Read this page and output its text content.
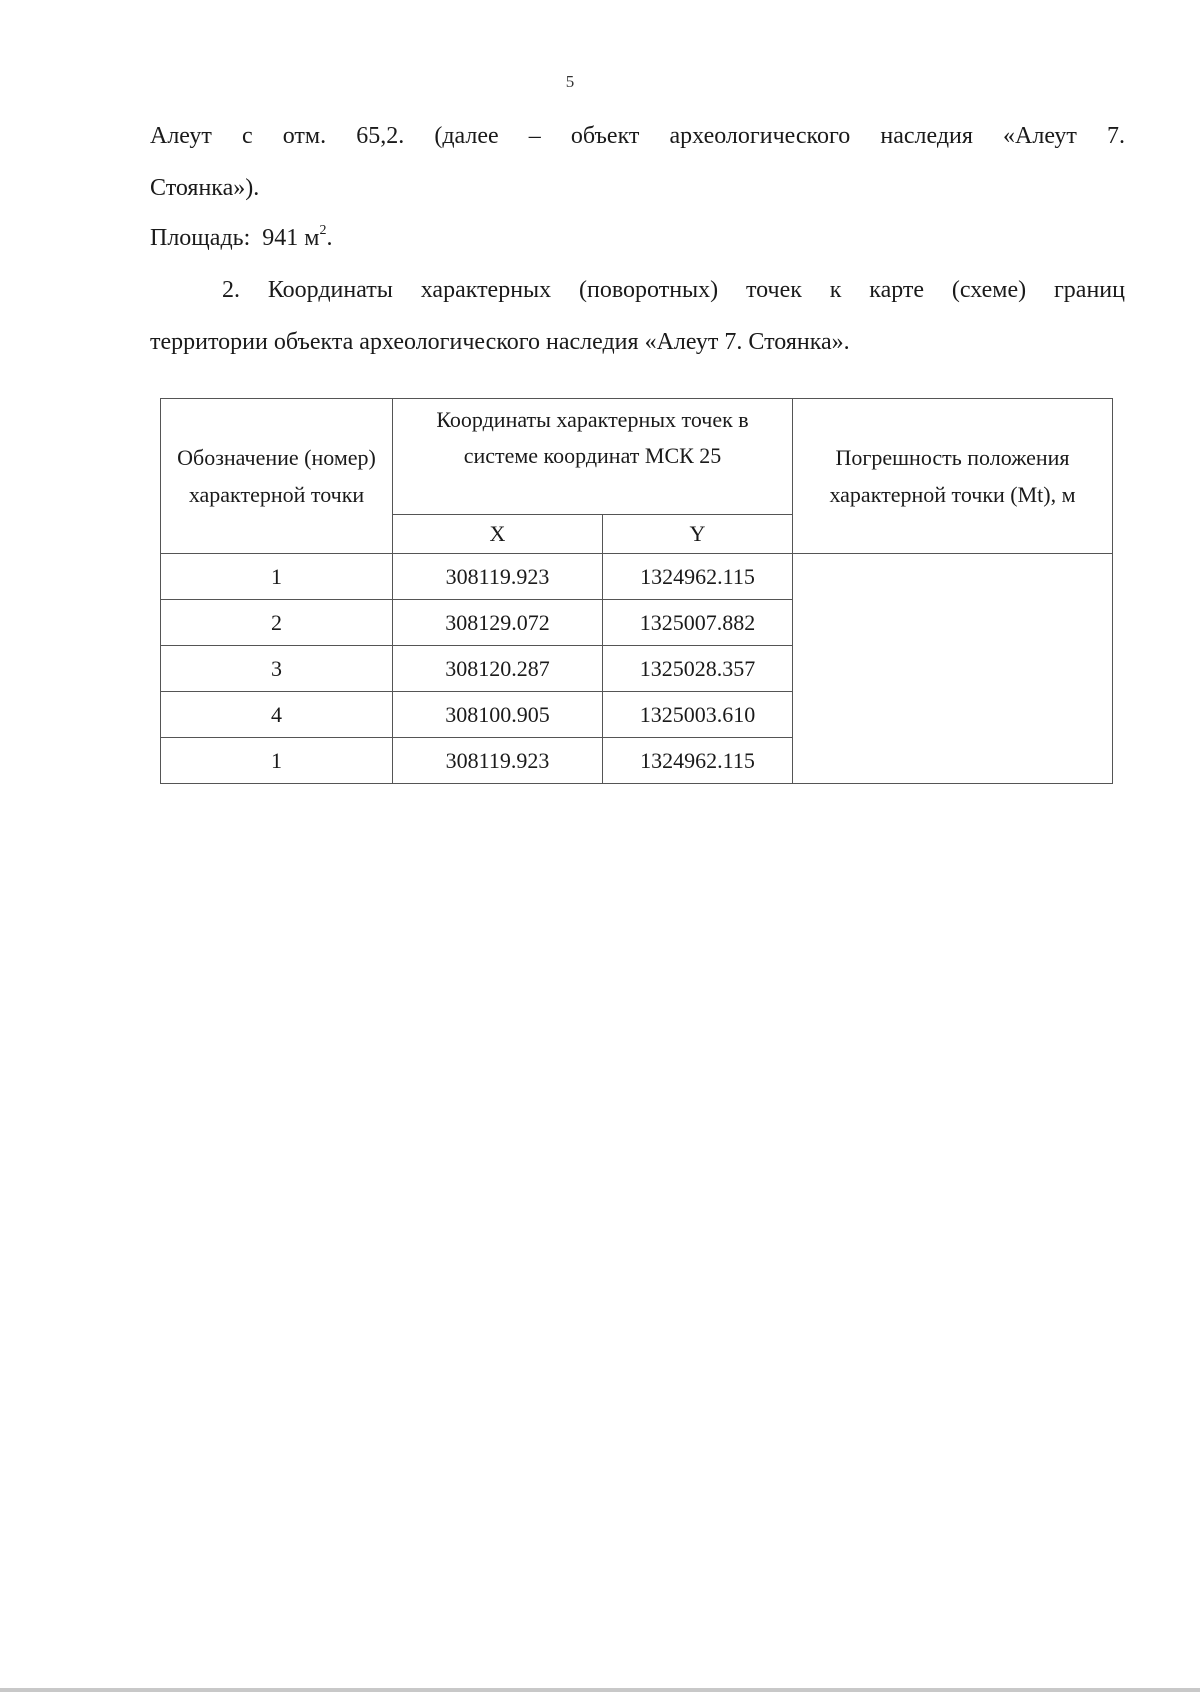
5
Алеут с отм. 65,2. (далее – объект археологического наследия «Алеут 7.
Стоянка»).
Площадь: 941 $м^2$.
2. Координаты характерных (поворотных) точек к карте (схеме) границ
территории объекта археологического наследия «Алеут 7. Стоянка».
Обозначение (номер) характерной точки	Координаты характерных точек в системе координат МСК 25		Погрешность положения характерной точки (Mt), м
	X	Y	
1	308119.923	1324962.115	
2	308129.072	1325007.882	
3	308120.287	1325028.357	
4	308100.905	1325003.610	
1	308119.923	1324962.115	
